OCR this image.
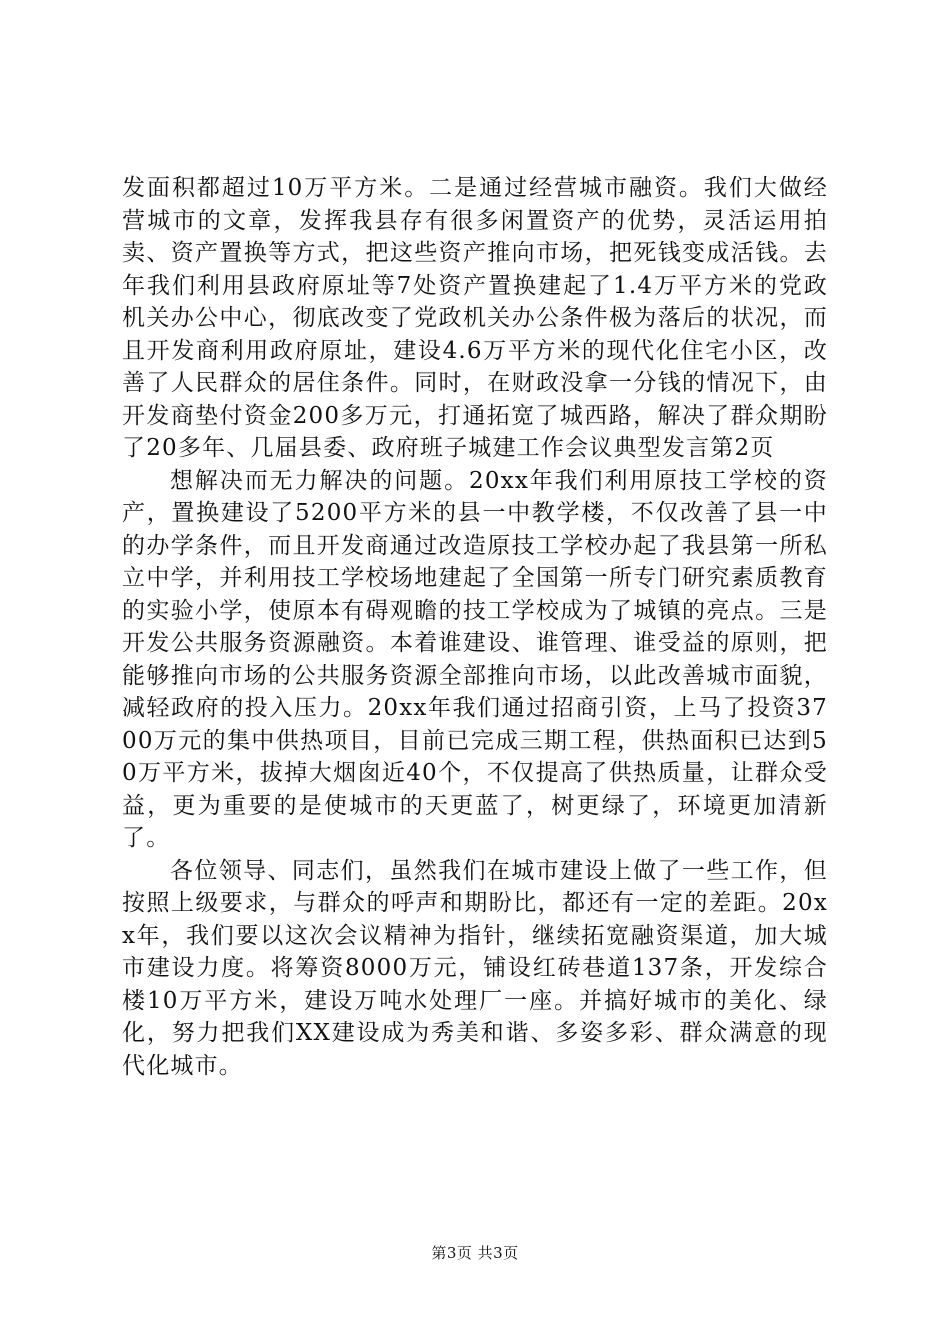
发面积都超过10万平方米。二是通过经营城市融资。我们大做经营城市的文章，发挥我县存有很多闲置资产的优势，灵活运用拍卖、资产置换等方式，把这些资产推向市场，把死钱变成活钱。去年我们利用县政府原址等7处资产置换建起了1.4万平方米的党政机关办公中心，彻底改变了党政机关办公条件极为落后的状况，而且开发商利用政府原址，建设4.6万平方米的现代化住宅小区，改善了人民群众的居住条件。同时，在财政没拿一分钱的情况下，由开发商垫付资金200多万元，打通拓宽了城西路，解决了群众期盼了20多年、几届县委、政府班子城建工作会议典型发言第2页

想解决而无力解决的问题。20xx年我们利用原技工学校的资产，置换建设了5200平方米的县一中教学楼，不仅改善了县一中的办学条件，而且开发商通过改造原技工学校办起了我县第一所私立中学，并利用技工学校场地建起了全国第一所专门研究素质教育的实验小学，使原本有碍观瞻的技工学校成为了城镇的亮点。三是开发公共服务资源融资。本着谁建设、谁管理、谁受益的原则，把能够推向市场的公共服务资源全部推向市场，以此改善城市面貌，减轻政府的投入压力。20xx年我们通过招商引资，上马了投资3700万元的集中供热项目，目前已完成三期工程，供热面积已达到50万平方米，拔掉大烟囱近40个，不仅提高了供热质量，让群众受益，更为重要的是使城市的天更蓝了，树更绿了，环境更加清新了。

各位领导、同志们，虽然我们在城市建设上做了一些工作，但按照上级要求，与群众的呼声和期盼比，都还有一定的差距。20xx年，我们要以这次会议精神为指针，继续拓宽融资渠道，加大城市建设力度。将筹资8000万元，铺设红砖巷道137条，开发综合楼10万平方米，建设万吨水处理厂一座。并搞好城市的美化、绿化，努力把我们XX建设成为秀美和谐、多姿多彩、群众满意的现代化城市。

第3页 共3页
